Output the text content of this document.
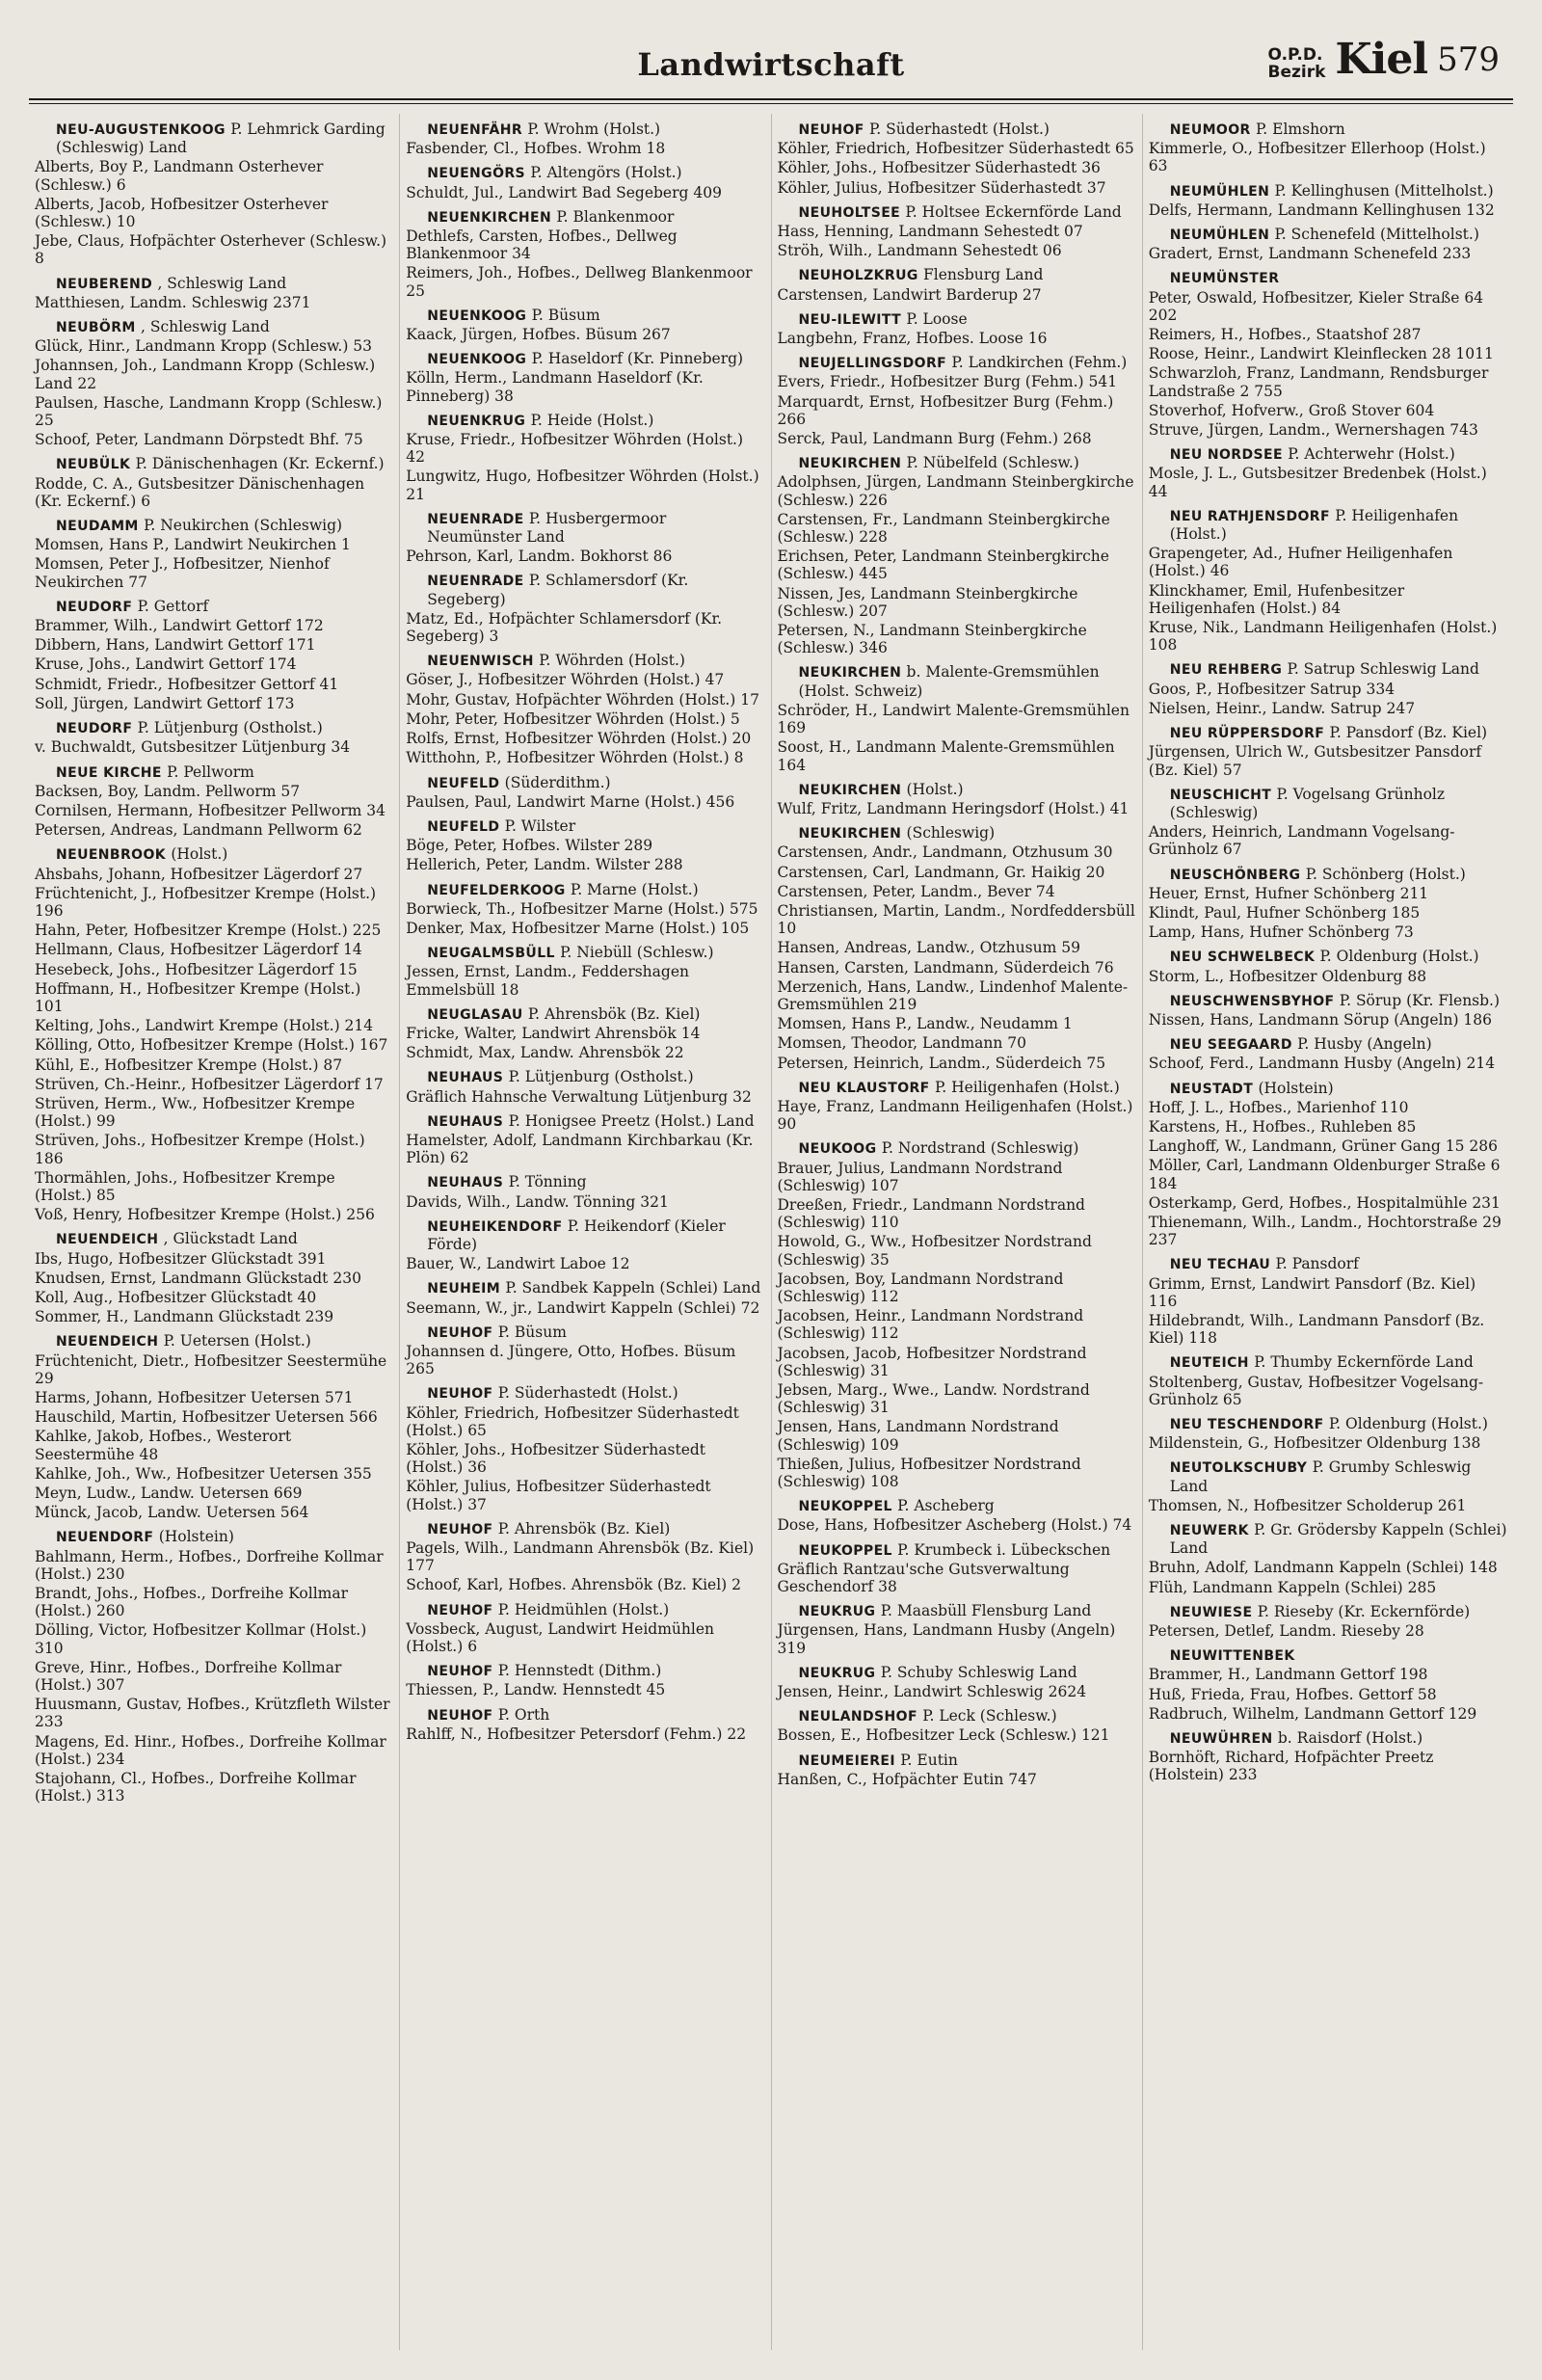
Landwirtschaft	O.P.D.
Bezirk Kiel 579
NEU-AUGUSTENKOOG P. Lehmrick Garding (Schleswig) Land
Alberts, Boy P., Landmann Osterhever (Schlesw.) 6
Alberts, Jacob, Hofbesitzer Osterhever (Schlesw.) 10
Jebe, Claus, Hofpächter Osterhever (Schlesw.) 8
NEUBEREND , Schleswig Land
Matthiesen, Landm. Schleswig 2371
NEUBÖRM , Schleswig Land
Glück, Hinr., Landmann Kropp (Schlesw.) 53
Johannsen, Joh., Landmann Kropp (Schlesw.) Land 22
Paulsen, Hasche, Landmann Kropp (Schlesw.) 25
Schoof, Peter, Landmann Dörpstedt Bhf. 75
NEUBÜLK P. Dänischenhagen (Kr. Eckernf.)
Rodde, C. A., Gutsbesitzer Dänischenhagen (Kr. Eckernf.) 6
NEUDAMM P. Neukirchen (Schleswig)
Momsen, Hans P., Landwirt Neukirchen 1
Momsen, Peter J., Hofbesitzer, Nienhof Neukirchen 77
NEUDORF P. Gettorf
Brammer, Wilh., Landwirt Gettorf 172
Dibbern, Hans, Landwirt Gettorf 171
Kruse, Johs., Landwirt Gettorf 174
Schmidt, Friedr., Hofbesitzer Gettorf 41
Soll, Jürgen, Landwirt Gettorf 173
NEUDORF P. Lütjenburg (Ostholst.)
v. Buchwaldt, Gutsbesitzer Lütjenburg 34
NEUE KIRCHE P. Pellworm
Backsen, Boy, Landm. Pellworm 57
Cornilsen, Hermann, Hofbesitzer Pellworm 34
Petersen, Andreas, Landmann Pellworm 62
NEUENBROOK (Holst.)
Ahsbahs, Johann, Hofbesitzer Lägerdorf 27
Früchtenicht, J., Hofbesitzer Krempe (Holst.) 196
Hahn, Peter, Hofbesitzer Krempe (Holst.) 225
Hellmann, Claus, Hofbesitzer Lägerdorf 14
Hesebeck, Johs., Hofbesitzer Lägerdorf 15
Hoffmann, H., Hofbesitzer Krempe (Holst.) 101
Kelting, Johs., Landwirt Krempe (Holst.) 214
Kölling, Otto, Hofbesitzer Krempe (Holst.) 167
Kühl, E., Hofbesitzer Krempe (Holst.) 87
Strüven, Ch.-Heinr., Hofbesitzer Lägerdorf 17
Strüven, Herm., Ww., Hofbesitzer Krempe (Holst.) 99
Strüven, Johs., Hofbesitzer Krempe (Holst.) 186
Thormählen, Johs., Hofbesitzer Krempe (Holst.) 85
Voß, Henry, Hofbesitzer Krempe (Holst.) 256
NEUENDEICH , Glückstadt Land
Ibs, Hugo, Hofbesitzer Glückstadt 391
Knudsen, Ernst, Landmann Glückstadt 230
Koll, Aug., Hofbesitzer Glückstadt 40
Sommer, H., Landmann Glückstadt 239
NEUENDEICH P. Uetersen (Holst.)
Früchtenicht, Dietr., Hofbesitzer Seestermühe 29
Harms, Johann, Hofbesitzer Uetersen 571
Hauschild, Martin, Hofbesitzer Uetersen 566
Kahlke, Jakob, Hofbes., Westerort Seestermühe 48
Kahlke, Joh., Ww., Hofbesitzer Uetersen 355
Meyn, Ludw., Landw. Uetersen 669
Münck, Jacob, Landw. Uetersen 564
NEUENDORF (Holstein)
Bahlmann, Herm., Hofbes., Dorfreihe Kollmar (Holst.) 230
Brandt, Johs., Hofbes., Dorfreihe Kollmar (Holst.) 260
Dölling, Victor, Hofbesitzer Kollmar (Holst.) 310
Greve, Hinr., Hofbes., Dorfreihe Kollmar (Holst.) 307
Huusmann, Gustav, Hofbes., Krützfleth Wilster 233
Magens, Ed. Hinr., Hofbes., Dorfreihe Kollmar (Holst.) 234
Stajohann, Cl., Hofbes., Dorfreihe Kollmar (Holst.) 313
NEUENFÄHR P. Wrohm (Holst.)
Fasbender, Cl., Hofbes. Wrohm 18
NEUENGÖRS P. Altengörs (Holst.)
Schuldt, Jul., Landwirt Bad Segeberg 409
NEUENKIRCHEN P. Blankenmoor
Dethlefs, Carsten, Hofbes., Dellweg Blankenmoor 34
Reimers, Joh., Hofbes., Dellweg Blankenmoor 25
NEUENKOOG P. Büsum
Kaack, Jürgen, Hofbes. Büsum 267
NEUENKOOG P. Haseldorf (Kr. Pinneberg)
Kölln, Herm., Landmann Haseldorf (Kr. Pinneberg) 38
NEUENKRUG P. Heide (Holst.)
Kruse, Friedr., Hofbesitzer Wöhrden (Holst.) 42
Lungwitz, Hugo, Hofbesitzer Wöhrden (Holst.) 21
NEUENRADE P. Husbergermoor Neumünster Land
Pehrson, Karl, Landm. Bokhorst 86
NEUENRADE P. Schlamersdorf (Kr. Segeberg)
Matz, Ed., Hofpächter Schlamersdorf (Kr. Segeberg) 3
NEUENWISCH P. Wöhrden (Holst.)
Göser, J., Hofbesitzer Wöhrden (Holst.) 47
Mohr, Gustav, Hofpächter Wöhrden (Holst.) 17
Mohr, Peter, Hofbesitzer Wöhrden (Holst.) 5
Rolfs, Ernst, Hofbesitzer Wöhrden (Holst.) 20
Witthohn, P., Hofbesitzer Wöhrden (Holst.) 8
NEUFELD (Süderdithm.)
Paulsen, Paul, Landwirt Marne (Holst.) 456
NEUFELD P. Wilster
Böge, Peter, Hofbes. Wilster 289
Hellerich, Peter, Landm. Wilster 288
NEUFELDERKOOG P. Marne (Holst.)
Borwieck, Th., Hofbesitzer Marne (Holst.) 575
Denker, Max, Hofbesitzer Marne (Holst.) 105
NEUGALMSBÜLL P. Niebüll (Schlesw.)
Jessen, Ernst, Landm., Feddershagen Emmelsbüll 18
NEUGLASAU P. Ahrensbök (Bz. Kiel)
Fricke, Walter, Landwirt Ahrensbök 14
Schmidt, Max, Landw. Ahrensbök 22
NEUHAUS P. Lütjenburg (Ostholst.)
Gräflich Hahnsche Verwaltung Lütjenburg 32
NEUHAUS P. Honigsee Preetz (Holst.) Land
Hamelster, Adolf, Landmann Kirchbarkau (Kr. Plön) 62
NEUHAUS P. Tönning
Davids, Wilh., Landw. Tönning 321
NEUHEIKENDORF P. Heikendorf (Kieler Förde)
Bauer, W., Landwirt Laboe 12
NEUHEIM P. Sandbek Kappeln (Schlei) Land
Seemann, W., jr., Landwirt Kappeln (Schlei) 72
NEUHOF P. Büsum
Johannsen d. Jüngere, Otto, Hofbes. Büsum 265
NEUHOF P. Süderhastedt (Holst.)
Köhler, Friedrich, Hofbesitzer Süderhastedt (Holst.) 65
Köhler, Johs., Hofbesitzer Süderhastedt (Holst.) 36
Köhler, Julius, Hofbesitzer Süderhastedt (Holst.) 37
NEUHOF P. Ahrensbök (Bz. Kiel)
Pagels, Wilh., Landmann Ahrensbök (Bz. Kiel) 177
Schoof, Karl, Hofbes. Ahrensbök (Bz. Kiel) 2
NEUHOF P. Heidmühlen (Holst.)
Vossbeck, August, Landwirt Heidmühlen (Holst.) 6
NEUHOF P. Hennstedt (Dithm.)
Thiessen, P., Landw. Hennstedt 45
NEUHOF P. Orth
Rahlff, N., Hofbesitzer Petersdorf (Fehm.) 22
NEUHOF P. Süderhastedt (Holst.)
Köhler, Friedrich, Hofbesitzer Süderhastedt 65
Köhler, Johs., Hofbesitzer Süderhastedt 36
Köhler, Julius, Hofbesitzer Süderhastedt 37
NEUHOLTSEE P. Holtsee Eckernförde Land
Hass, Henning, Landmann Sehestedt 07
Ströh, Wilh., Landmann Sehestedt 06
NEUHOLZKRUG Flensburg Land
Carstensen, Landwirt Barderup 27
NEU-ILEWITT P. Loose
Langbehn, Franz, Hofbes. Loose 16
NEUJELLINGSDORF P. Landkirchen (Fehm.)
Evers, Friedr., Hofbesitzer Burg (Fehm.) 541
Marquardt, Ernst, Hofbesitzer Burg (Fehm.) 266
Serck, Paul, Landmann Burg (Fehm.) 268
NEUKIRCHEN P. Nübelfeld (Schlesw.)
Adolphsen, Jürgen, Landmann Steinbergkirche (Schlesw.) 226
Carstensen, Fr., Landmann Steinbergkirche (Schlesw.) 228
Erichsen, Peter, Landmann Steinbergkirche (Schlesw.) 445
Nissen, Jes, Landmann Steinbergkirche (Schlesw.) 207
Petersen, N., Landmann Steinbergkirche (Schlesw.) 346
NEUKIRCHEN b. Malente-Gremsmühlen (Holst. Schweiz)
Schröder, H., Landwirt Malente-Gremsmühlen 169
Soost, H., Landmann Malente-Gremsmühlen 164
NEUKIRCHEN (Holst.)
Wulf, Fritz, Landmann Heringsdorf (Holst.) 41
NEUKIRCHEN (Schleswig)
Carstensen, Andr., Landmann, Otzhusum 30
Carstensen, Carl, Landmann, Gr. Haikig 20
Carstensen, Peter, Landm., Bever 74
Christiansen, Martin, Landm., Nordfeddersbüll 10
Hansen, Andreas, Landw., Otzhusum 59
Hansen, Carsten, Landmann, Süderdeich 76
Merzenich, Hans, Landw., Lindenhof Malente-Gremsmühlen 219
Momsen, Hans P., Landw., Neudamm 1
Momsen, Theodor, Landmann 70
Petersen, Heinrich, Landm., Süderdeich 75
NEU KLAUSTORF P. Heiligenhafen (Holst.)
Haye, Franz, Landmann Heiligenhafen (Holst.) 90
NEUKOOG P. Nordstrand (Schleswig)
Brauer, Julius, Landmann Nordstrand (Schleswig) 107
Dreeßen, Friedr., Landmann Nordstrand (Schleswig) 110
Howold, G., Ww., Hofbesitzer Nordstrand (Schleswig) 35
Jacobsen, Boy, Landmann Nordstrand (Schleswig) 112
Jacobsen, Heinr., Landmann Nordstrand (Schleswig) 112
Jacobsen, Jacob, Hofbesitzer Nordstrand (Schleswig) 31
Jebsen, Marg., Wwe., Landw. Nordstrand (Schleswig) 31
Jensen, Hans, Landmann Nordstrand (Schleswig) 109
Thießen, Julius, Hofbesitzer Nordstrand (Schleswig) 108
NEUKOPPEL P. Ascheberg
Dose, Hans, Hofbesitzer Ascheberg (Holst.) 74
NEUKOPPEL P. Krumbeck i. Lübeckschen
Gräflich Rantzau'sche Gutsverwaltung Geschendorf 38
NEUKRUG P. Maasbüll Flensburg Land
Jürgensen, Hans, Landmann Husby (Angeln) 319
NEUKRUG P. Schuby Schleswig Land
Jensen, Heinr., Landwirt Schleswig 2624
NEULANDSHOF P. Leck (Schlesw.)
Bossen, E., Hofbesitzer Leck (Schlesw.) 121
NEUMEIEREI P. Eutin
Hanßen, C., Hofpächter Eutin 747
NEUMOOR P. Elmshorn
Kimmerle, O., Hofbesitzer Ellerhoop (Holst.) 63
NEUMÜHLEN P. Kellinghusen (Mittelholst.)
Delfs, Hermann, Landmann Kellinghusen 132
NEUMÜHLEN P. Schenefeld (Mittelholst.)
Gradert, Ernst, Landmann Schenefeld 233
NEUMÜNSTER
Peter, Oswald, Hofbesitzer, Kieler Straße 64 202
Reimers, H., Hofbes., Staatshof 287
Roose, Heinr., Landwirt Kleinflecken 28 1011
Schwarzloh, Franz, Landmann, Rendsburger Landstraße 2 755
Stoverhof, Hofverw., Groß Stover 604
Struve, Jürgen, Landm., Wernershagen 743
NEU NORDSEE P. Achterwehr (Holst.)
Mosle, J. L., Gutsbesitzer Bredenbek (Holst.) 44
NEU RATHJENSDORF P. Heiligenhafen (Holst.)
Grapengeter, Ad., Hufner Heiligenhafen (Holst.) 46
Klinckhamer, Emil, Hufenbesitzer Heiligenhafen (Holst.) 84
Kruse, Nik., Landmann Heiligenhafen (Holst.) 108
NEU REHBERG P. Satrup Schleswig Land
Goos, P., Hofbesitzer Satrup 334
Nielsen, Heinr., Landw. Satrup 247
NEU RÜPPERSDORF P. Pansdorf (Bz. Kiel)
Jürgensen, Ulrich W., Gutsbesitzer Pansdorf (Bz. Kiel) 57
NEUSCHICHT P. Vogelsang Grünholz (Schleswig)
Anders, Heinrich, Landmann Vogelsang-Grünholz 67
NEUSCHÖNBERG P. Schönberg (Holst.)
Heuer, Ernst, Hufner Schönberg 211
Klindt, Paul, Hufner Schönberg 185
Lamp, Hans, Hufner Schönberg 73
NEU SCHWELBECK P. Oldenburg (Holst.)
Storm, L., Hofbesitzer Oldenburg 88
NEUSCHWENSBYHOF P. Sörup (Kr. Flensb.)
Nissen, Hans, Landmann Sörup (Angeln) 186
NEU SEEGAARD P. Husby (Angeln)
Schoof, Ferd., Landmann Husby (Angeln) 214
NEUSTADT (Holstein)
Hoff, J. L., Hofbes., Marienhof 110
Karstens, H., Hofbes., Ruhleben 85
Langhoff, W., Landmann, Grüner Gang 15 286
Möller, Carl, Landmann Oldenburger Straße 6 184
Osterkamp, Gerd, Hofbes., Hospitalmühle 231
Thienemann, Wilh., Landm., Hochtorstraße 29 237
NEU TECHAU P. Pansdorf
Grimm, Ernst, Landwirt Pansdorf (Bz. Kiel) 116
Hildebrandt, Wilh., Landmann Pansdorf (Bz. Kiel) 118
NEUTEICH P. Thumby Eckernförde Land
Stoltenberg, Gustav, Hofbesitzer Vogelsang-Grünholz 65
NEU TESCHENDORF P. Oldenburg (Holst.)
Mildenstein, G., Hofbesitzer Oldenburg 138
NEUTOLKSCHUBY P. Grumby Schleswig Land
Thomsen, N., Hofbesitzer Scholderup 261
NEUWERK P. Gr. Grödersby Kappeln (Schlei) Land
Bruhn, Adolf, Landmann Kappeln (Schlei) 148
Flüh, Landmann Kappeln (Schlei) 285
NEUWIESE P. Rieseby (Kr. Eckernförde)
Petersen, Detlef, Landm. Rieseby 28
NEUWITTENBEK
Brammer, H., Landmann Gettorf 198
Huß, Frieda, Frau, Hofbes. Gettorf 58
Radbruch, Wilhelm, Landmann Gettorf 129
NEUWÜHREN b. Raisdorf (Holst.)
Bornhöft, Richard, Hofpächter Preetz (Holstein) 233
